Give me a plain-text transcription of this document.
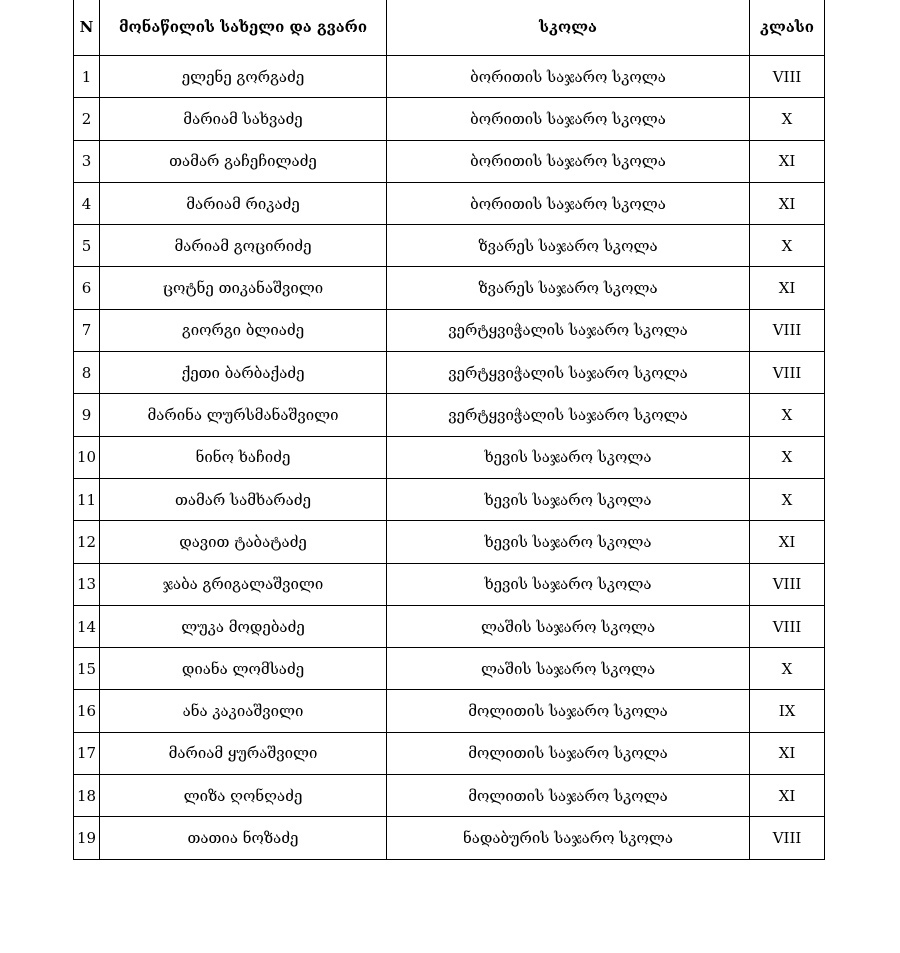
N	მონაწილის სახელი და გვარი	სკოლა	კლასი
1	ელენე გორგაძე	ბორითის საჯარო სკოლა	VIII
2	მარიამ სახვაძე	ბორითის საჯარო სკოლა	X
3	თამარ გაჩეჩილაძე	ბორითის საჯარო სკოლა	XI
4	მარიამ რიკაძე	ბორითის საჯარო სკოლა	XI
5	მარიამ გოცირიძე	ზვარეს საჯარო სკოლა	X
6	ცოტნე თიკანაშვილი	ზვარეს საჯარო სკოლა	XI
7	გიორგი ბლიაძე	ვერტყვიჭალის საჯარო სკოლა	VIII
8	ქეთი ბარბაქაძე	ვერტყვიჭალის საჯარო სკოლა	VIII
9	მარინა ლურსმანაშვილი	ვერტყვიჭალის საჯარო სკოლა	X
10	ნინო ხაჩიძე	ხევის საჯარო სკოლა	X
11	თამარ სამხარაძე	ხევის საჯარო სკოლა	X
12	დავით ტაბატაძე	ხევის საჯარო სკოლა	XI
13	ჯაბა გრიგალაშვილი	ხევის საჯარო სკოლა	VIII
14	ლუკა მოდებაძე	ლაშის საჯარო სკოლა	VIII
15	დიანა ლომსაძე	ლაშის საჯარო სკოლა	X
16	ანა კაკიაშვილი	მოლითის საჯარო სკოლა	IX
17	მარიამ ყურაშვილი	მოლითის საჯარო სკოლა	XI
18	ლიზა ღონღაძე	მოლითის საჯარო სკოლა	XI
19	თათია ნოზაძე	ნადაბურის საჯარო სკოლა	VIII
